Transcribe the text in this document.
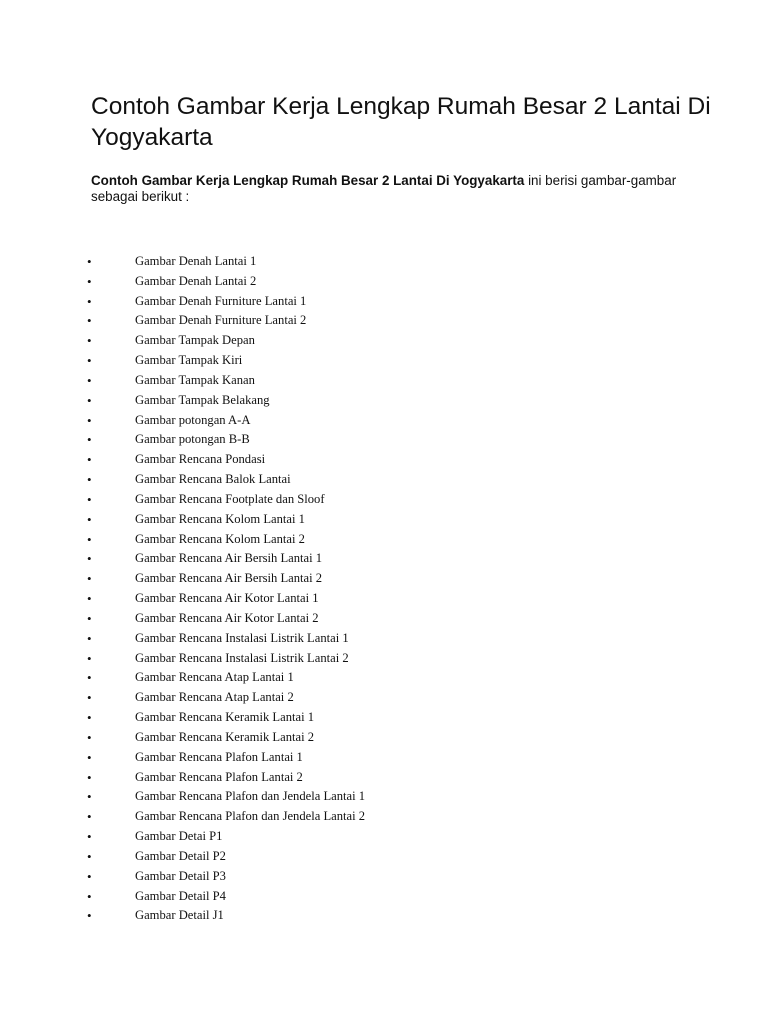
Contoh Gambar Kerja Lengkap Rumah Besar 2 Lantai Di Yogyakarta

Contoh Gambar Kerja Lengkap Rumah Besar 2 Lantai Di Yogyakarta ini berisi gambar-gambar sebagai berikut :

•	Gambar Denah Lantai 1
•	Gambar Denah Lantai 2
•	Gambar Denah Furniture Lantai 1
•	Gambar Denah Furniture Lantai 2
•	Gambar Tampak Depan
•	Gambar Tampak Kiri
•	Gambar Tampak Kanan
•	Gambar Tampak Belakang
•	Gambar potongan A-A
•	Gambar potongan B-B
•	Gambar Rencana Pondasi
•	Gambar Rencana Balok Lantai
•	Gambar Rencana Footplate dan Sloof
•	Gambar Rencana Kolom Lantai 1
•	Gambar Rencana Kolom Lantai 2
•	Gambar Rencana Air Bersih Lantai 1
•	Gambar Rencana Air Bersih Lantai 2
•	Gambar Rencana Air Kotor Lantai 1
•	Gambar Rencana Air Kotor Lantai 2
•	Gambar Rencana Instalasi Listrik Lantai 1
•	Gambar Rencana Instalasi Listrik Lantai 2
•	Gambar Rencana Atap Lantai 1
•	Gambar Rencana Atap Lantai 2
•	Gambar Rencana Keramik Lantai 1
•	Gambar Rencana Keramik Lantai 2
•	Gambar Rencana Plafon Lantai 1
•	Gambar Rencana Plafon Lantai 2
•	Gambar Rencana Plafon dan Jendela Lantai 1
•	Gambar Rencana Plafon dan Jendela Lantai 2
•	Gambar Detai P1
•	Gambar Detail P2
•	Gambar Detail P3
•	Gambar Detail P4
•	Gambar Detail J1
